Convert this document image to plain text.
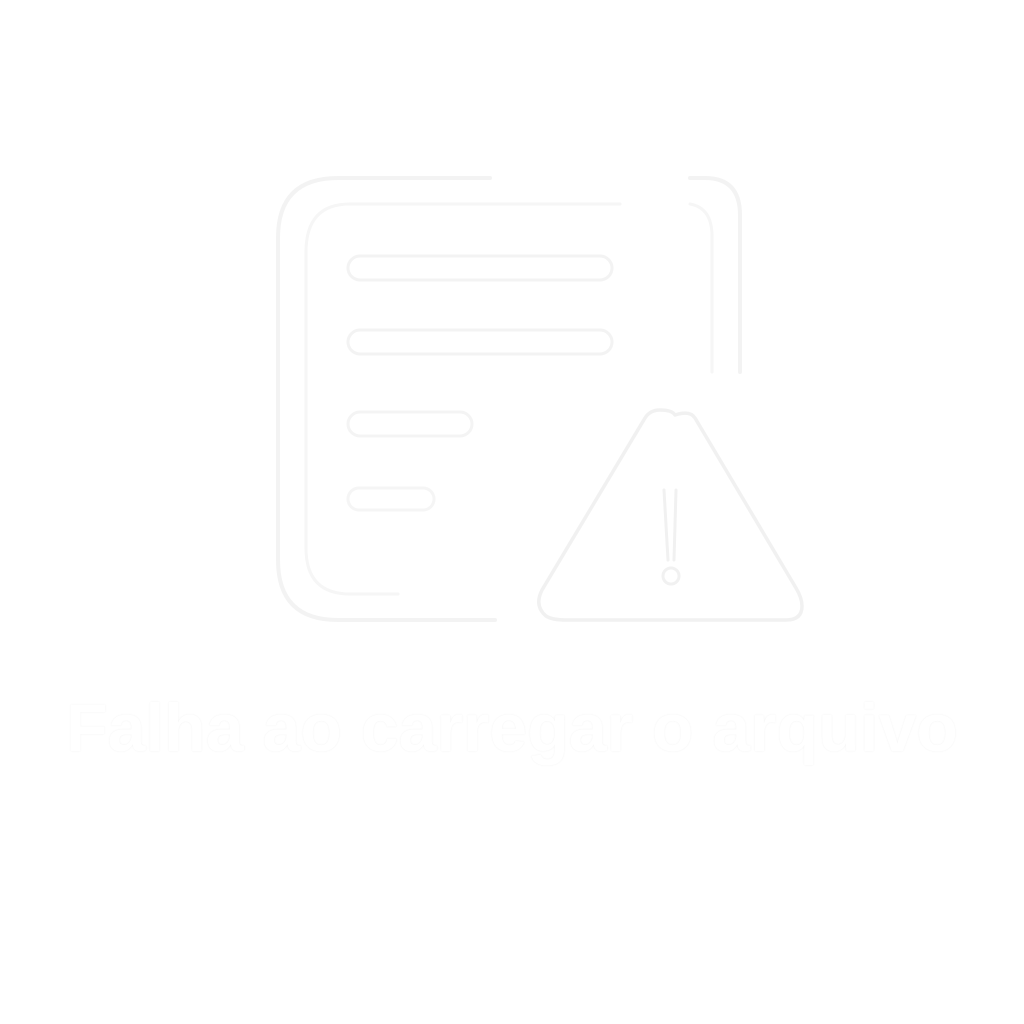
Falha ao carregar o arquivo
